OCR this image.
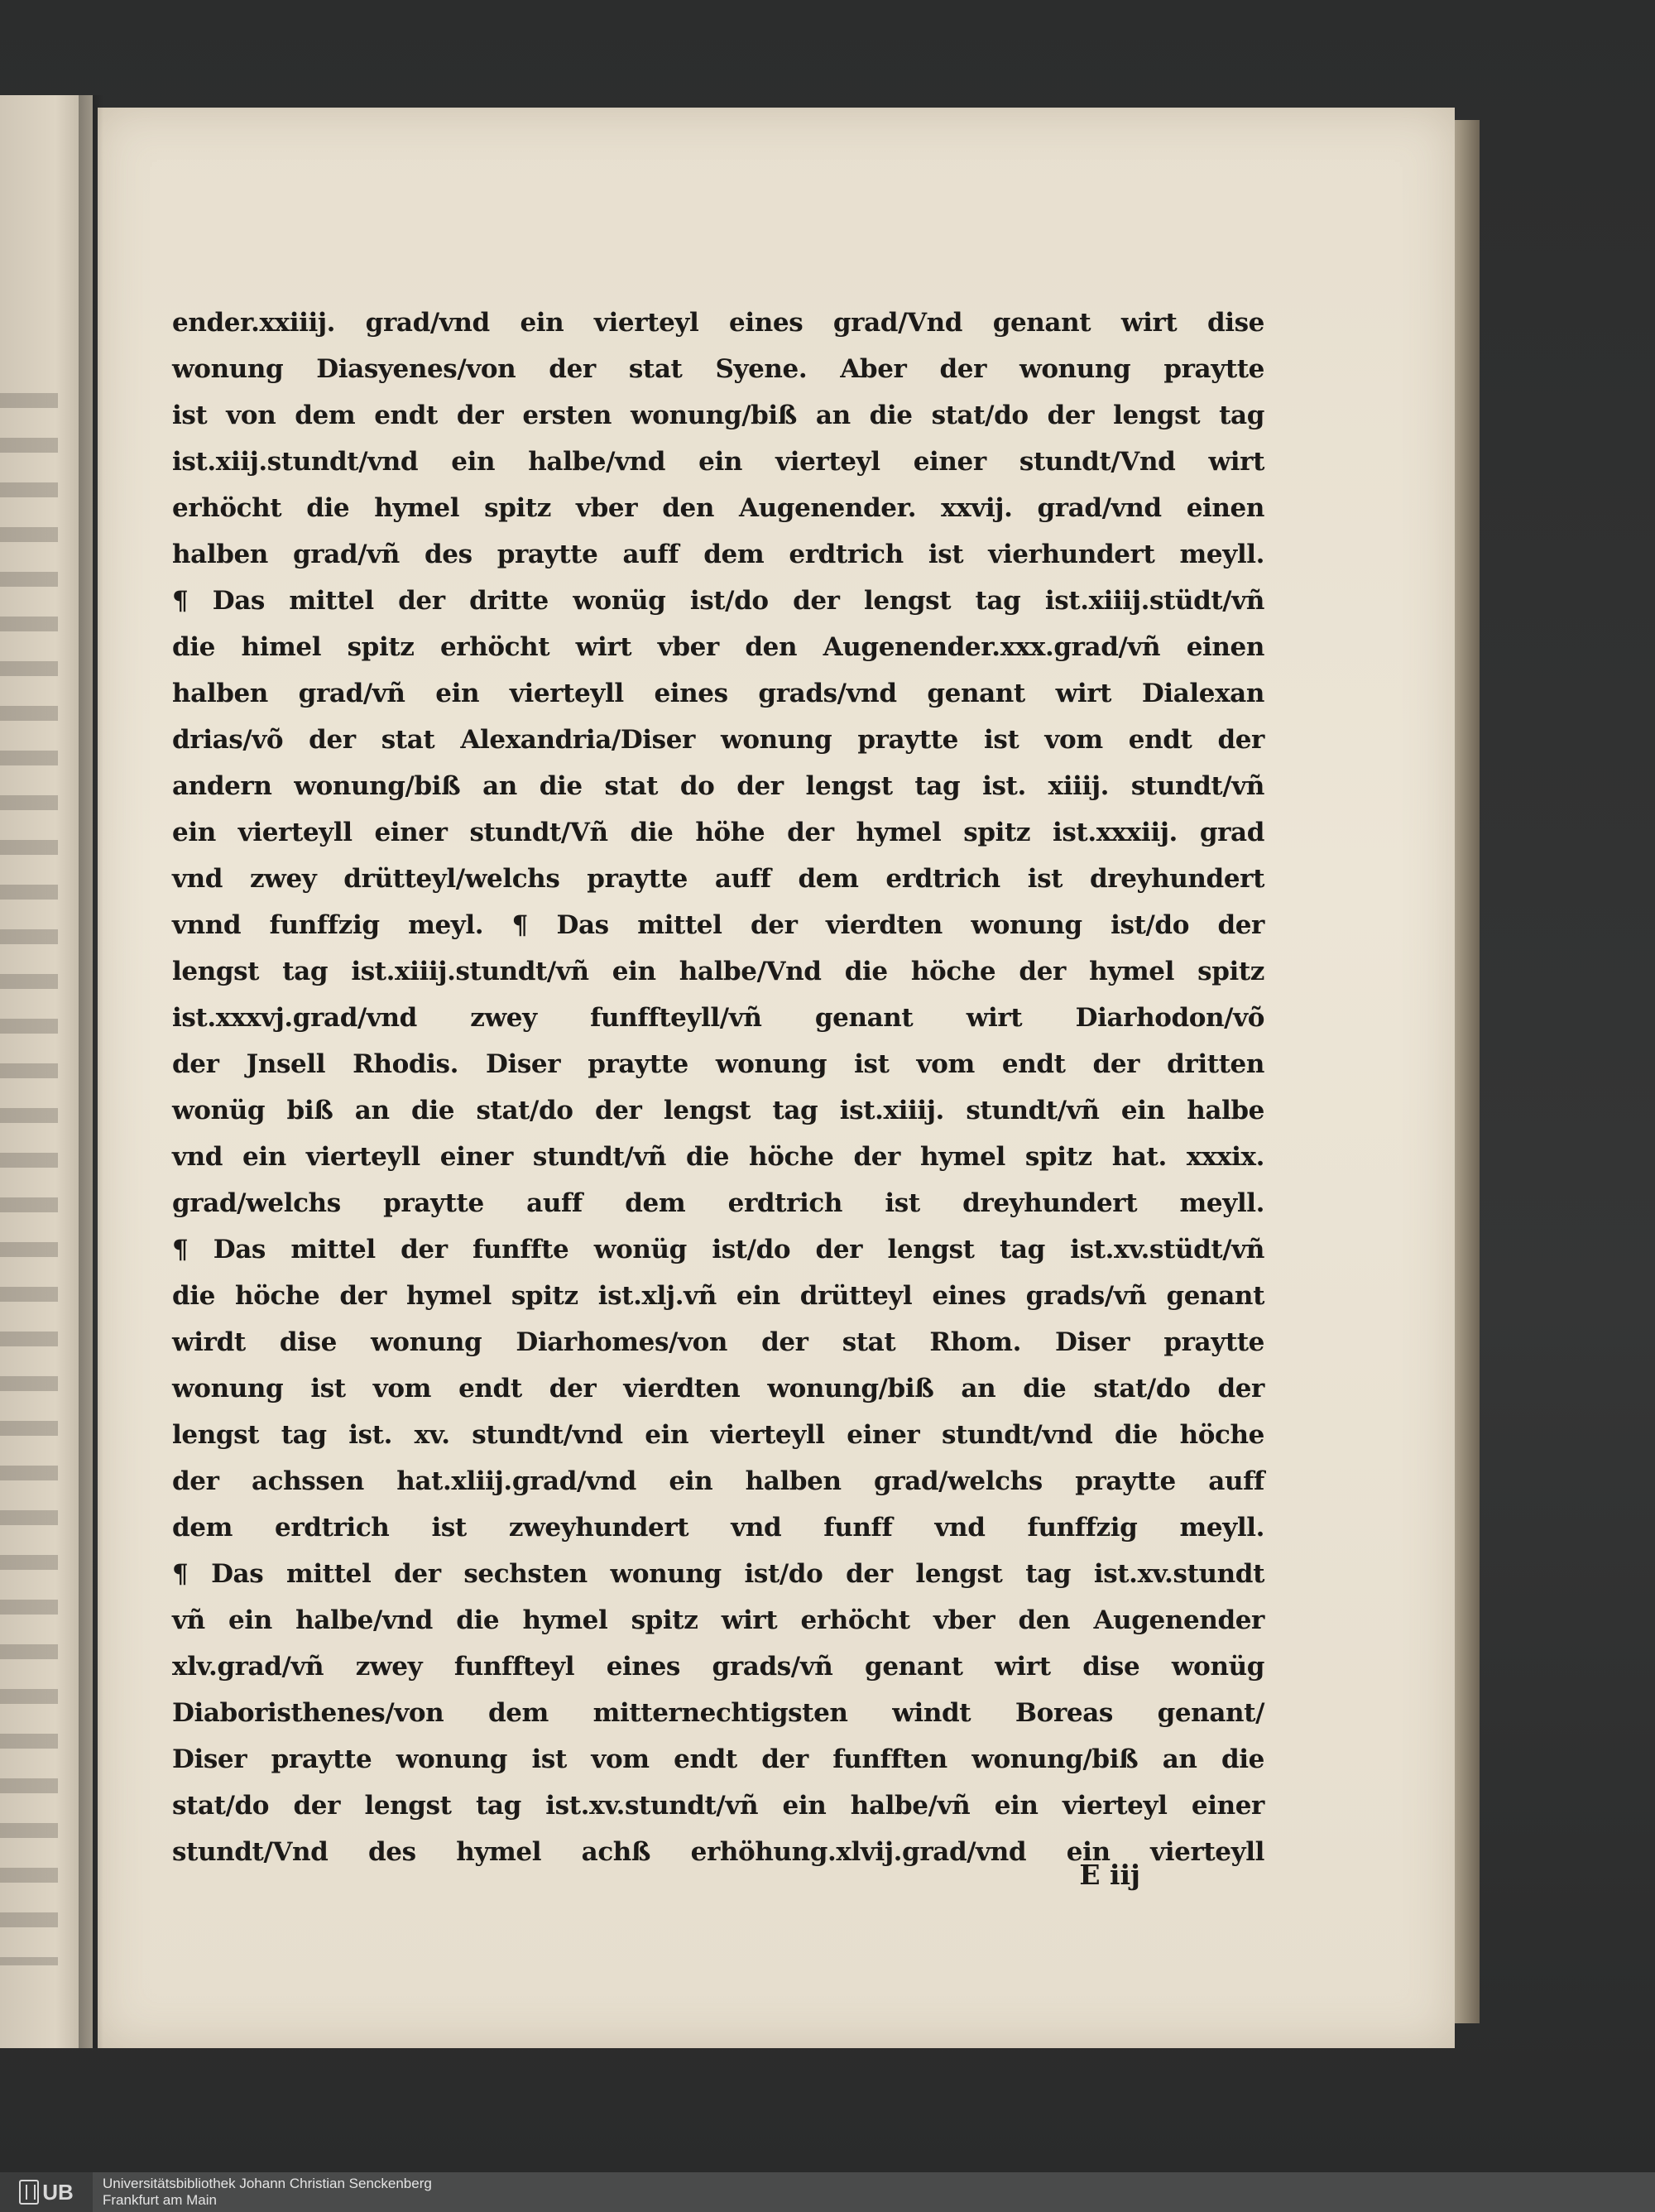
ender.xxiiij. grad/vnd ein vierteyl eines grad/Vnd genant wirt dise
wonung Diasyenes/von der stat Syene. Aber der wonung praytte
ist von dem endt der ersten wonung/biß an die stat/do der lengst tag
ist.xiij.stundt/vnd ein halbe/vnd ein vierteyl einer stundt/Vnd wirt
erhöcht die hymel spitz vber den Augenender. xxvij. grad/vnd einen
halben grad/vñ des praytte auff dem erdtrich ist vierhundert meyll.
¶ Das mittel der dritte wonüg ist/do der lengst tag ist.xiiij.stüdt/vñ
die himel spitz erhöcht wirt vber den Augenender.xxx.grad/vñ einen
halben grad/vñ ein vierteyll eines grads/vnd genant wirt Dialexan
drias/võ der stat Alexandria/Diser wonung praytte ist vom endt der
andern wonung/biß an die stat do der lengst tag ist. xiiij. stundt/vñ
ein vierteyll einer stundt/Vñ die höhe der hymel spitz ist.xxxiij. grad
vnd zwey drütteyl/welchs praytte auff dem erdtrich ist dreyhundert
vnnd funffzig meyl. ¶ Das mittel der vierdten wonung ist/do der
lengst tag ist.xiiij.stundt/vñ ein halbe/Vnd die höche der hymel spitz
ist.xxxvj.grad/vnd zwey funffteyll/vñ genant wirt Diarhodon/võ
der Jnsell Rhodis. Diser praytte wonung ist vom endt der dritten
wonüg biß an die stat/do der lengst tag ist.xiiij. stundt/vñ ein halbe
vnd ein vierteyll einer stundt/vñ die höche der hymel spitz hat. xxxix.
grad/welchs praytte auff dem erdtrich ist dreyhundert meyll.
¶ Das mittel der funffte wonüg ist/do der lengst tag ist.xv.stüdt/vñ
die höche der hymel spitz ist.xlj.vñ ein drütteyl eines grads/vñ genant
wirdt dise wonung Diarhomes/von der stat Rhom. Diser praytte
wonung ist vom endt der vierdten wonung/biß an die stat/do der
lengst tag ist. xv. stundt/vnd ein vierteyll einer stundt/vnd die höche
der achssen hat.xliij.grad/vnd ein halben grad/welchs praytte auff
dem erdtrich ist zweyhundert vnd funff vnd funffzig meyll.
¶ Das mittel der sechsten wonung ist/do der lengst tag ist.xv.stundt
vñ ein halbe/vnd die hymel spitz wirt erhöcht vber den Augenender
xlv.grad/vñ zwey funffteyl eines grads/vñ genant wirt dise wonüg
Diaboristhenes/von dem mitternechtigsten windt Boreas genant/
Diser praytte wonung ist vom endt der funfften wonung/biß an die
stat/do der lengst tag ist.xv.stundt/vñ ein halbe/vñ ein vierteyl einer
stundt/Vnd des hymel achß erhöhung.xlvij.grad/vnd ein vierteyll
E iij
UB Universitätsbibliothek Johann Christian Senckenberg
Frankfurt am Main
